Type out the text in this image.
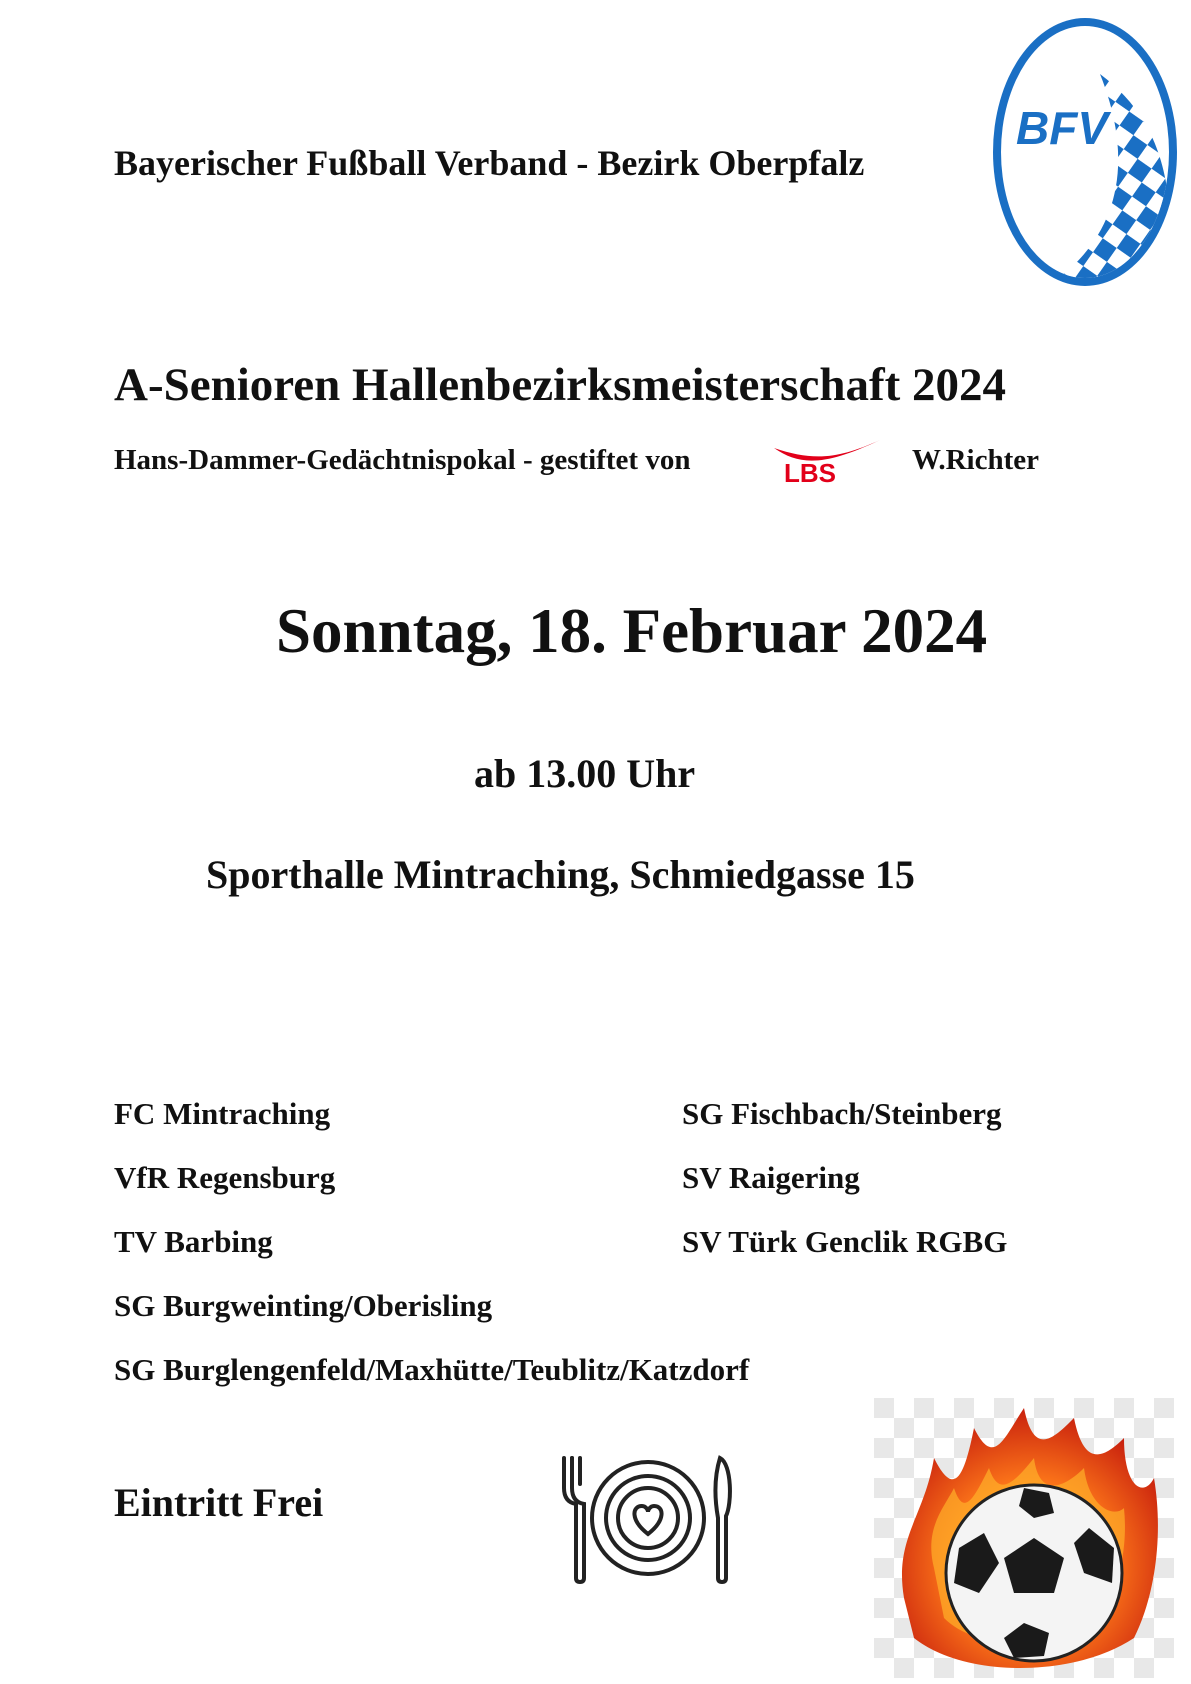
Bayerischer Fußball Verband - Bezirk Oberpfalz
BFV
A-Senioren Hallenbezirksmeisterschaft 2024
Hans-Dammer-Gedächtnispokal - gestiftet von	LBS	W.Richter
Sonntag, 18. Februar 2024
ab 13.00 Uhr
Sporthalle Mintraching, Schmiedgasse 15
FC Mintraching
VfR Regensburg
TV Barbing
SG Burgweinting/Oberisling
SG Burglengenfeld/Maxhütte/Teublitz/Katzdorf
SG Fischbach/Steinberg
SV Raigering
SV Türk Genclik RGBG
Eintritt Frei
